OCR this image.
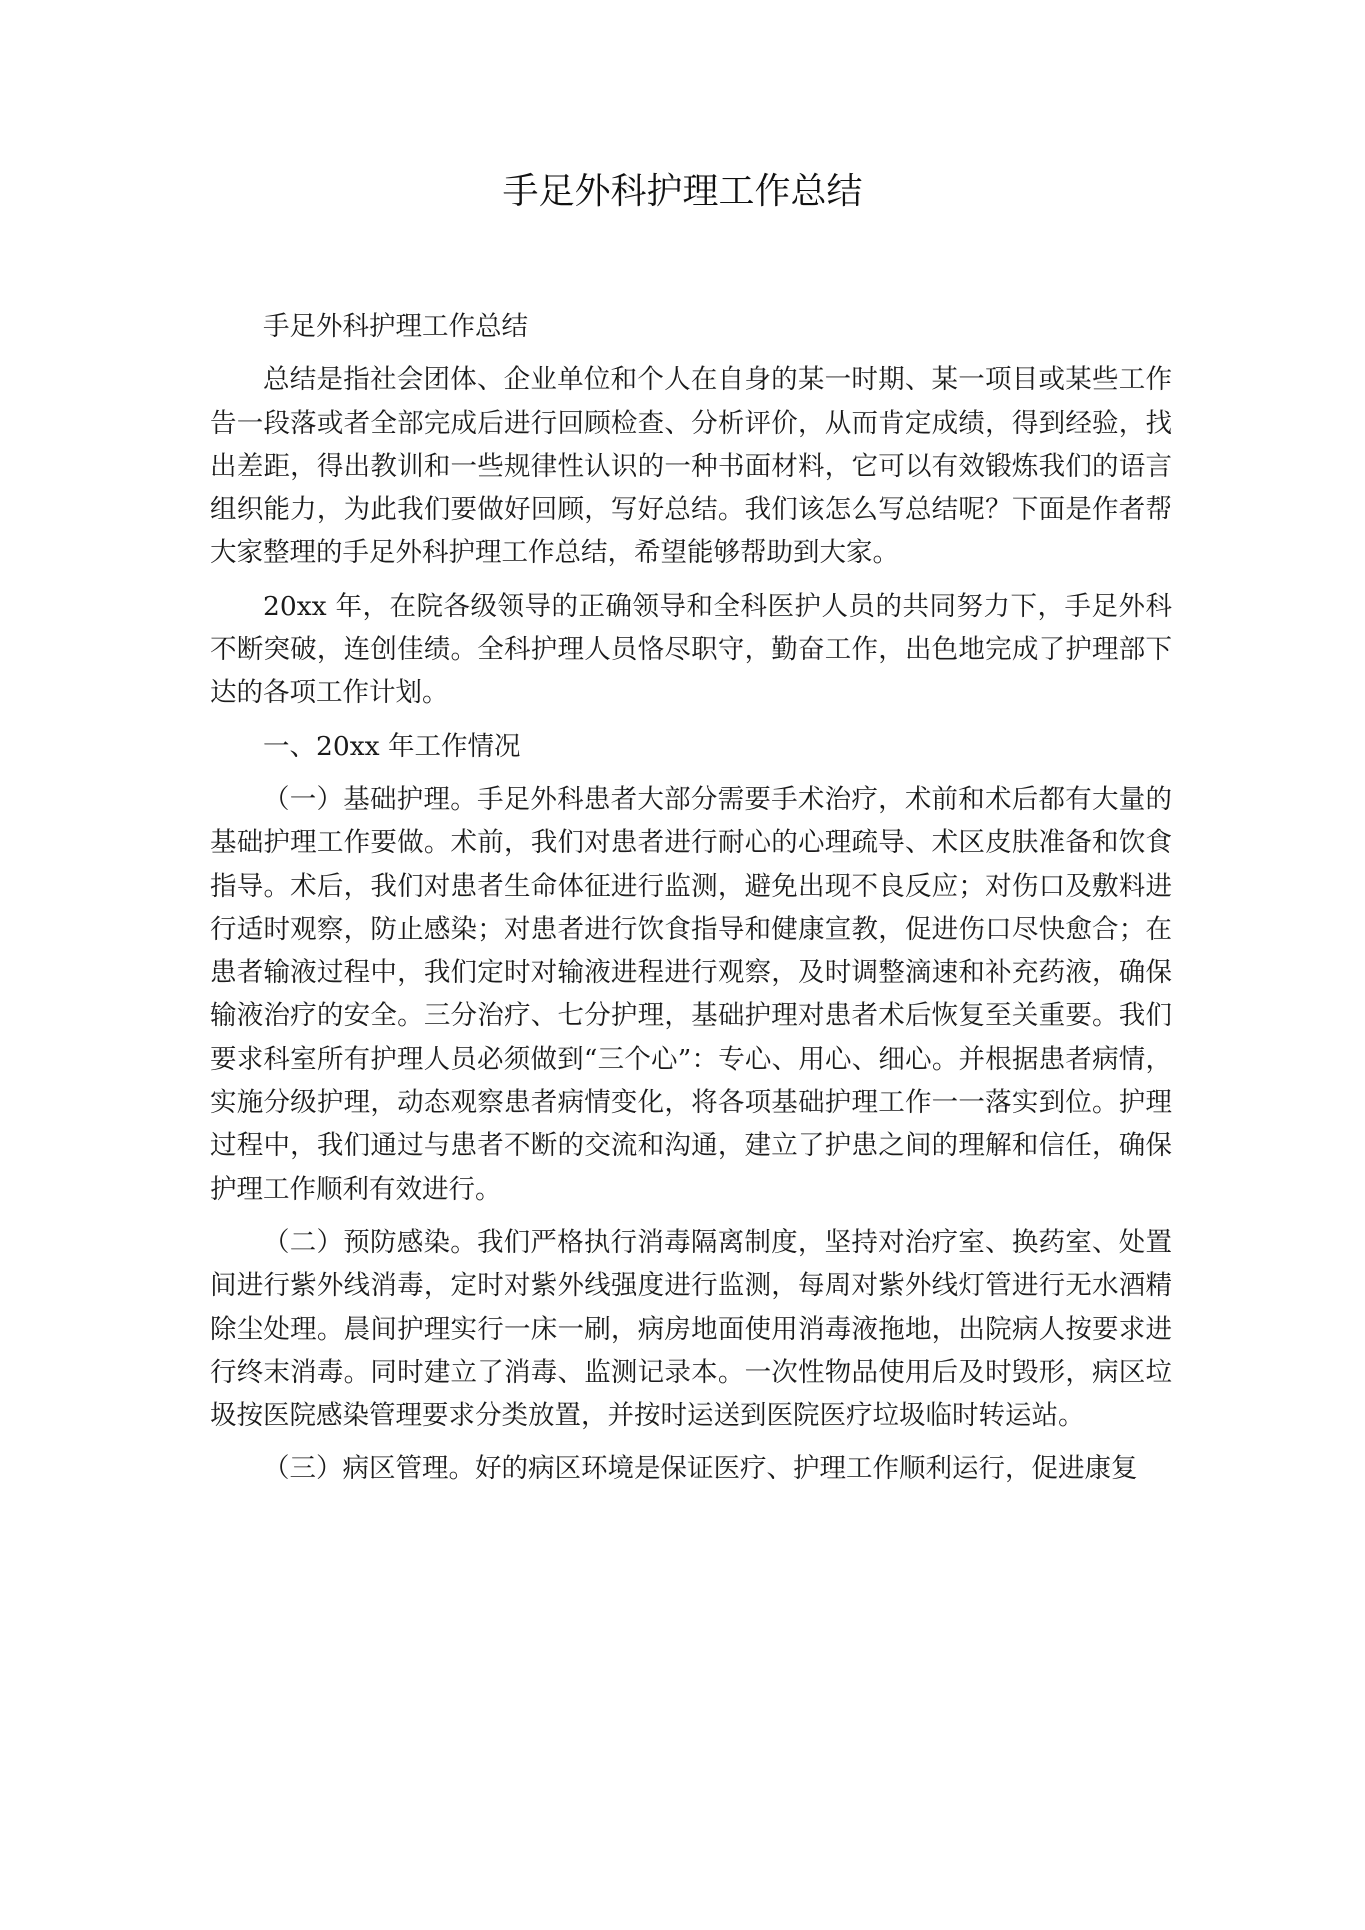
手足外科护理工作总结

手足外科护理工作总结

总结是指社会团体、企业单位和个人在自身的某一时期、某一项目或某些工作告一段落或者全部完成后进行回顾检查、分析评价，从而肯定成绩，得到经验，找出差距，得出教训和一些规律性认识的一种书面材料，它可以有效锻炼我们的语言组织能力，为此我们要做好回顾，写好总结。我们该怎么写总结呢？下面是作者帮大家整理的手足外科护理工作总结，希望能够帮助到大家。

20xx 年，在院各级领导的正确领导和全科医护人员的共同努力下，手足外科不断突破，连创佳绩。全科护理人员恪尽职守，勤奋工作，出色地完成了护理部下达的各项工作计划。

一、20xx 年工作情况

（一）基础护理。手足外科患者大部分需要手术治疗，术前和术后都有大量的基础护理工作要做。术前，我们对患者进行耐心的心理疏导、术区皮肤准备和饮食指导。术后，我们对患者生命体征进行监测，避免出现不良反应；对伤口及敷料进行适时观察，防止感染；对患者进行饮食指导和健康宣教，促进伤口尽快愈合；在患者输液过程中，我们定时对输液进程进行观察，及时调整滴速和补充药液，确保输液治疗的安全。三分治疗、七分护理，基础护理对患者术后恢复至关重要。我们要求科室所有护理人员必须做到“三个心”：专心、用心、细心。并根据患者病情，实施分级护理，动态观察患者病情变化，将各项基础护理工作一一落实到位。护理过程中，我们通过与患者不断的交流和沟通，建立了护患之间的理解和信任，确保护理工作顺利有效进行。

（二）预防感染。我们严格执行消毒隔离制度，坚持对治疗室、换药室、处置间进行紫外线消毒，定时对紫外线强度进行监测，每周对紫外线灯管进行无水酒精除尘处理。晨间护理实行一床一刷，病房地面使用消毒液拖地，出院病人按要求进行终末消毒。同时建立了消毒、监测记录本。一次性物品使用后及时毁形，病区垃圾按医院感染管理要求分类放置，并按时运送到医院医疗垃圾临时转运站。

（三）病区管理。好的病区环境是保证医疗、护理工作顺利运行，促进康复
